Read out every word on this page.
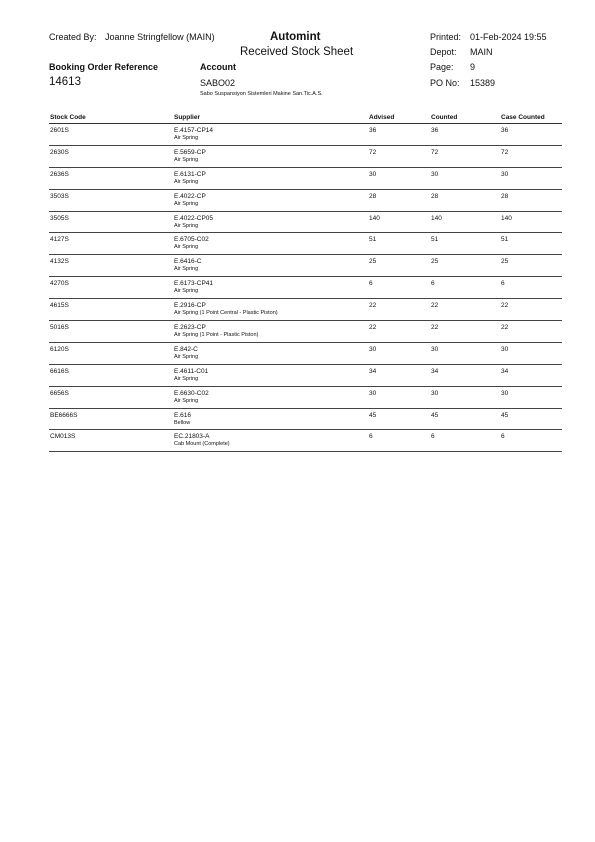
Created By: Joanne Stringfellow (MAIN)	Automint
Received Stock Sheet
Printed: 01-Feb-2024 19:55
Depot: MAIN
Booking Order Reference	Account	Page: 9
14613	SABO02	PO No: 15389
Sabo Suspansiyon Sistemleri Makine San.Tic.A.S.
Stock Code	Supplier	Advised	Counted	Case Counted
2601S	E.4157-CP14
Air Spring
36	36	36
2630S	E.5659-CP
Air Spring
72	72	72
2636S	E.6131-CP
Air Spring
30	30	30
3503S	E.4022-CP
Air Spring
28	28	28
3505S	E.4022-CP05
Air Spring
140	140	140
4127S	E.6705-C02
Air Spring
51	51	51
4132S	E.6416-C
Air Spring
25	25	25
4270S	E.6173-CP41
Air Spring
6	6	6
4615S	E.2916-CP
Air Spring (1 Point Central - Plastic Piston)
22	22	22
5016S	E.2623-CP
Air Spring (1 Point - Plastic Piston)
22	22	22
6120S	E.842-C
Air Spring
30	30	30
6616S	E.4611-C01
Air Spring
34	34	34
6656S	E.6630-C02
Air Spring
30	30	30
BE6666S	E.616
Bellow
45	45	45
CM013S	EC.21803-A
Cab Mount (Complete)
6	6	6
